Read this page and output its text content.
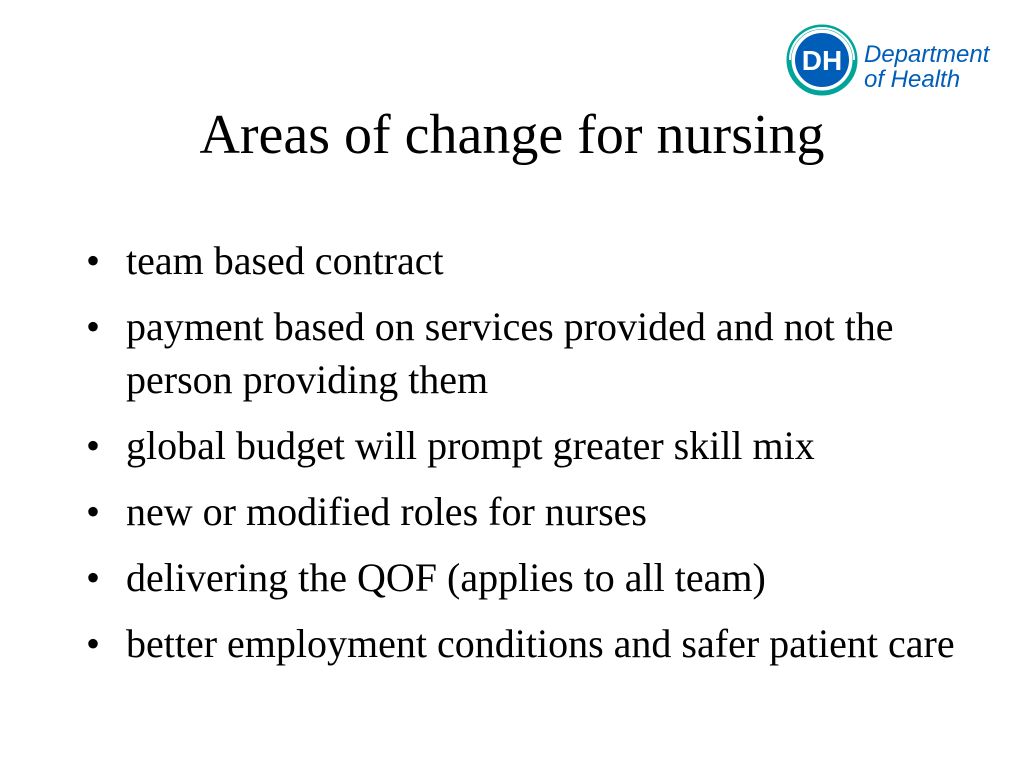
DH Department
of Health
Areas of change for nursing
• team based contract
• payment based on services provided and not the person providing them
• global budget will prompt greater skill mix
• new or modified roles for nurses
• delivering the QOF (applies to all team)
• better employment conditions and safer patient care
